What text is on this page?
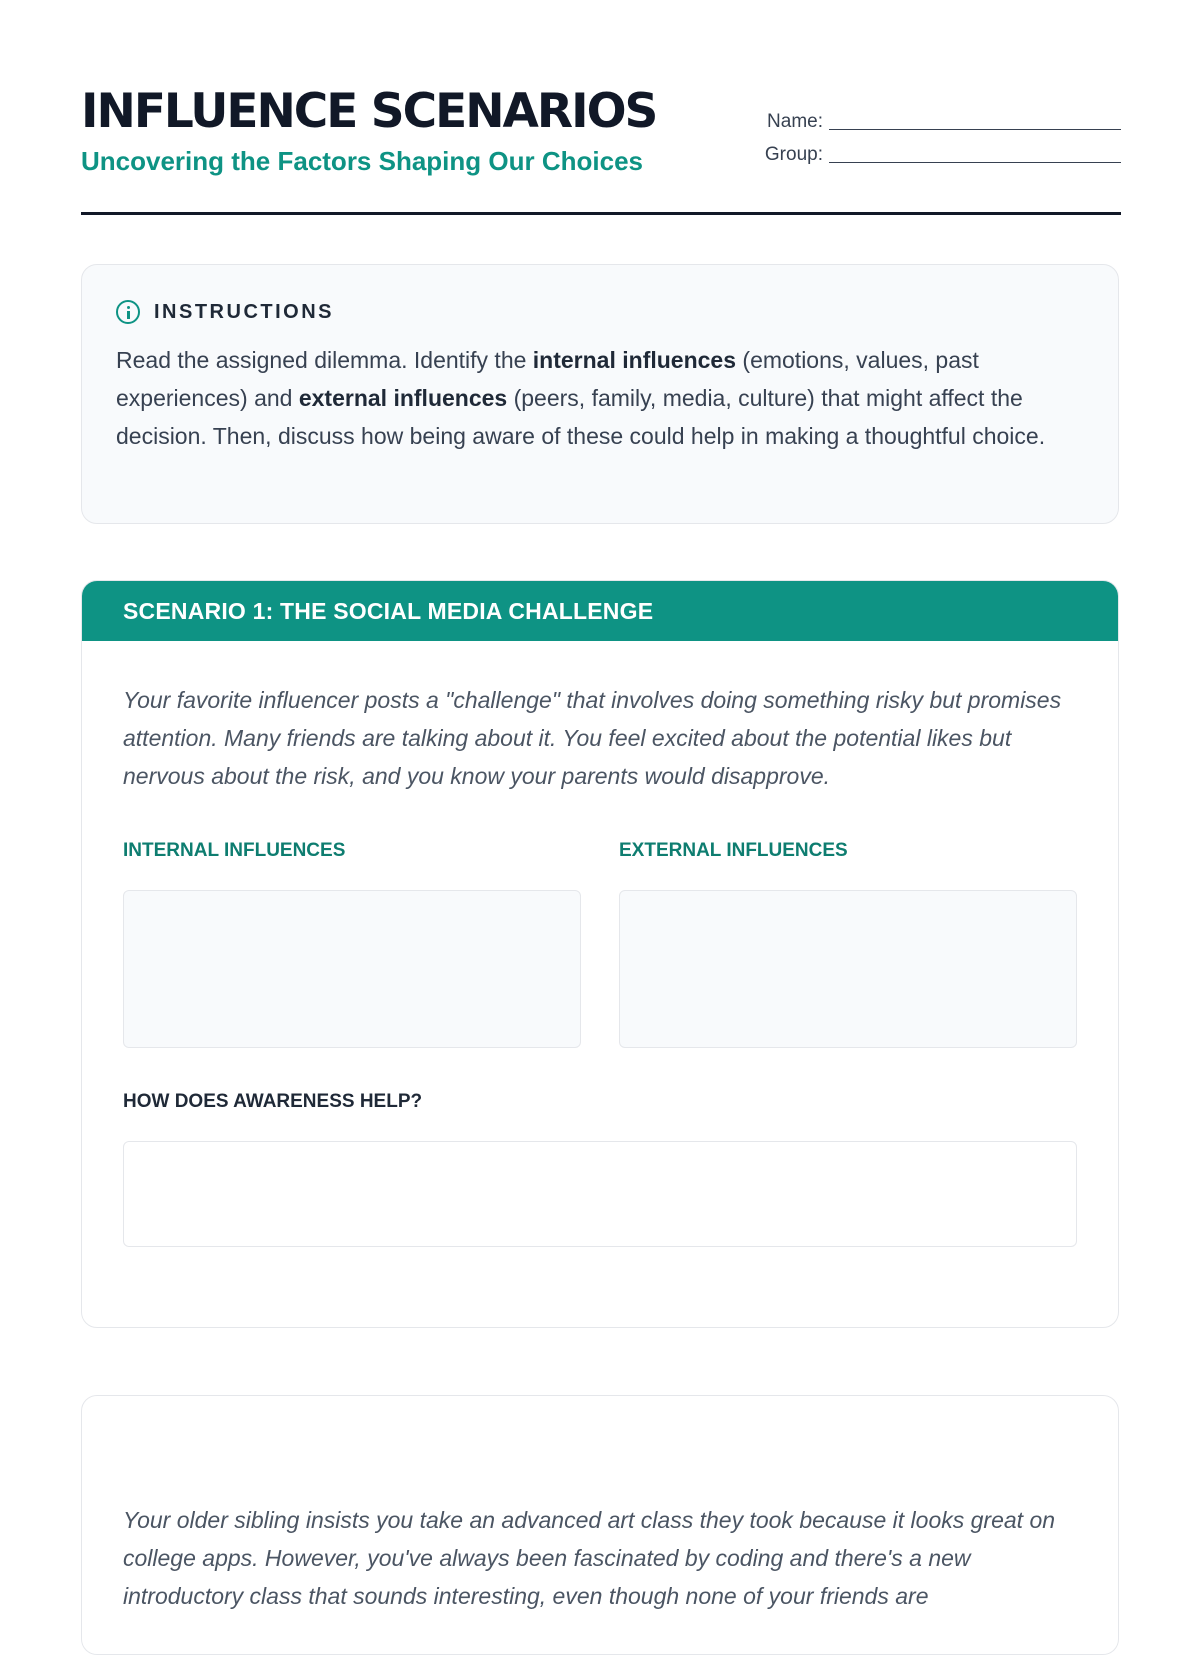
INFLUENCE SCENARIOS
Uncovering the Factors Shaping Our Choices
Name:
Group:
INSTRUCTIONS

Read the assigned dilemma. Identify the internal influences (emotions, values, past experiences) and external influences (peers, family, media, culture) that might affect the decision. Then, discuss how being aware of these could help in making a thoughtful choice.

SCENARIO 1: THE SOCIAL MEDIA CHALLENGE

Your favorite influencer posts a "challenge" that involves doing something risky but promises attention. Many friends are talking about it. You feel excited about the potential likes but nervous about the risk, and you know your parents would disapprove.

INTERNAL INFLUENCES	EXTERNAL INFLUENCES
HOW DOES AWARENESS HELP?

Your older sibling insists you take an advanced art class they took because it looks great on college apps. However, you've always been fascinated by coding and there's a new introductory class that sounds interesting, even though none of your friends are
